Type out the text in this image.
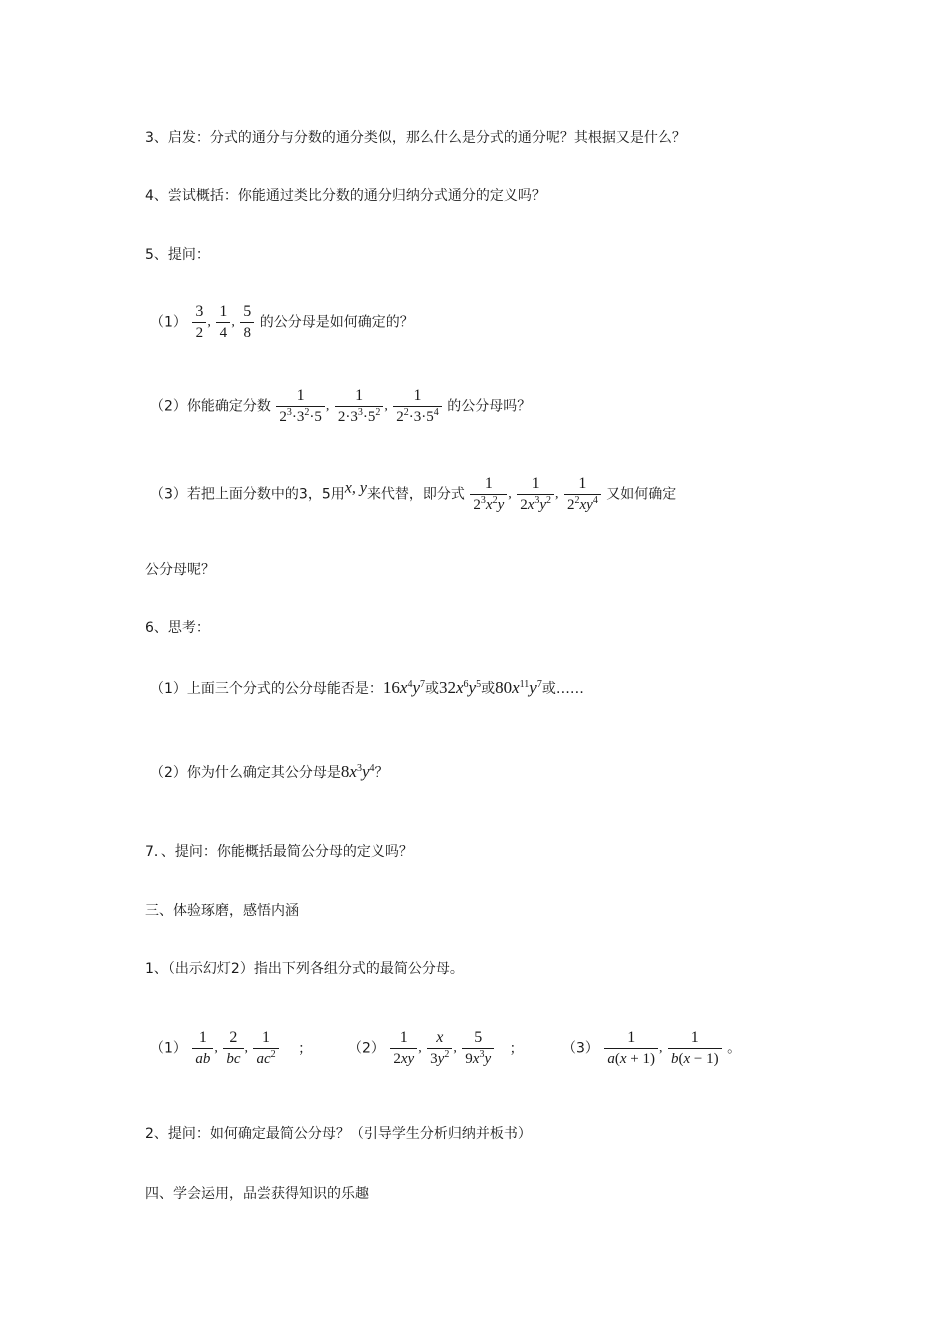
3、启发：分式的通分与分数的通分类似，那么什么是分式的通分呢？其根据又是什么？
4、尝试概括：你能通过类比分数的通分归纳分式通分的定义吗？
5、提问：
$(1) \frac{3}{2}$ , $\frac{1}{4}$ , $\frac{5}{8}$ 的公分母是如何确定的？
（2）你能确定分数 $\frac{1}{2^3\cdot 3^2\cdot 5}$ , $\frac{1}{2\cdot 3^3\cdot 5^2}$ , $\frac{1}{2^2\cdot 3\cdot 5^4}$ 的公分母吗？
（3）若把上面分数中的3，5用x, y来代替，即分式 $\frac{1}{2^3x^2y}$ , $\frac{1}{2x^3y^2}$ , $\frac{1}{2^2xy^4}$ 又如何确定
公分母呢？
6、思考：
（1）上面三个分式的公分母能否是：$16x^4y^7$或$32x^6y^5$或$80x^{11}y^7$或……
（2）你为什么确定其公分母是$8x^3y^4$？
7．、提问：你能概括最简公分母的定义吗？
三、体验琢磨，感悟内涵
1、（出示幻灯2）指出下列各组分式的最简公分母。
$(1) \frac{1}{ab}$ , $\frac{2}{bc}$ , $\frac{1}{ac^2}$ ；	$(2) \frac{1}{2xy}$ , $\frac{x}{3y^2}$ , $\frac{5}{9x^3y}$ ；	$(3) \frac{1}{a(x + 1)}$ , $\frac{1}{b(x - 1)}$ 。
2、提问：如何确定最简公分母？（引导学生分析归纳并板书）
四、学会运用，品尝获得知识的乐趣
